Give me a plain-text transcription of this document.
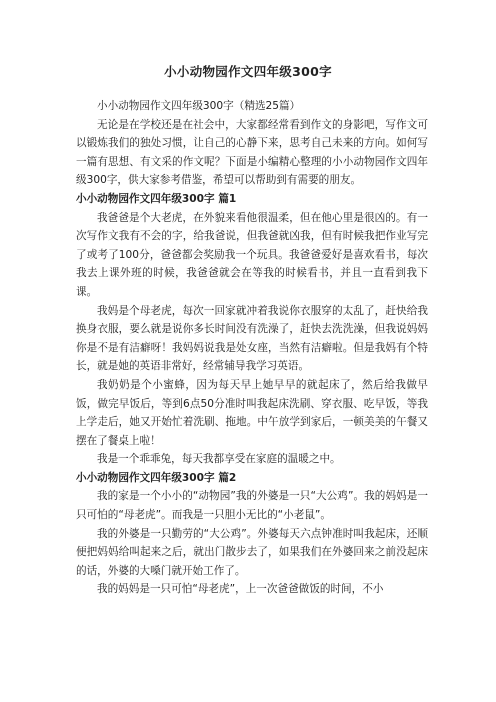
小小动物园作文四年级300字

小小动物园作文四年级300字（精选25篇）

无论是在学校还是在社会中，大家都经常看到作文的身影吧，写作文可以锻炼我们的独处习惯，让自己的心静下来，思考自己未来的方向。如何写一篇有思想、有文采的作文呢？下面是小编精心整理的小小动物园作文四年级300字，供大家参考借鉴，希望可以帮助到有需要的朋友。

小小动物园作文四年级300字 篇1

我爸爸是个大老虎，在外貌来看他很温柔，但在他心里是很凶的。有一次写作文我有不会的字，给我爸说，但我爸就凶我，但有时候我把作业写完了或考了100分，爸爸都会奖励我一个玩具。我爸爸爱好是喜欢看书，每次我去上课外班的时候，我爸爸就会在等我的时候看书，并且一直看到我下课。

我妈是个母老虎，每次一回家就冲着我说你衣服穿的太乱了，赶快给我换身衣服，要么就是说你多长时间没有洗澡了，赶快去洗洗澡，但我说妈妈你是不是有洁癖呀！我妈妈说我是处女座，当然有洁癖啦。但是我妈有个特长，就是她的英语非常好，经常辅导我学习英语。

我奶奶是个小蜜蜂，因为每天早上她早早的就起床了，然后给我做早饭，做完早饭后，等到6点50分准时叫我起床洗刷、穿衣服、吃早饭，等我上学走后，她又开始忙着洗刷、拖地。中午放学到家后，一顿美美的午餐又摆在了餐桌上啦！

我是一个乖乖兔，每天我都享受在家庭的温暖之中。

小小动物园作文四年级300字 篇2

我的家是一个小小的“动物园”我的外婆是一只“大公鸡”。我的妈妈是一只可怕的“母老虎”。而我是一只胆小无比的“小老鼠”。

我的外婆是一只勤劳的“大公鸡”。外婆每天六点钟准时叫我起床，还顺便把妈妈给叫起来之后，就出门散步去了，如果我们在外婆回来之前没起床的话，外婆的大嗓门就开始工作了。

我的妈妈是一只可怕“母老虎”，上一次爸爸做饭的时间，不小
